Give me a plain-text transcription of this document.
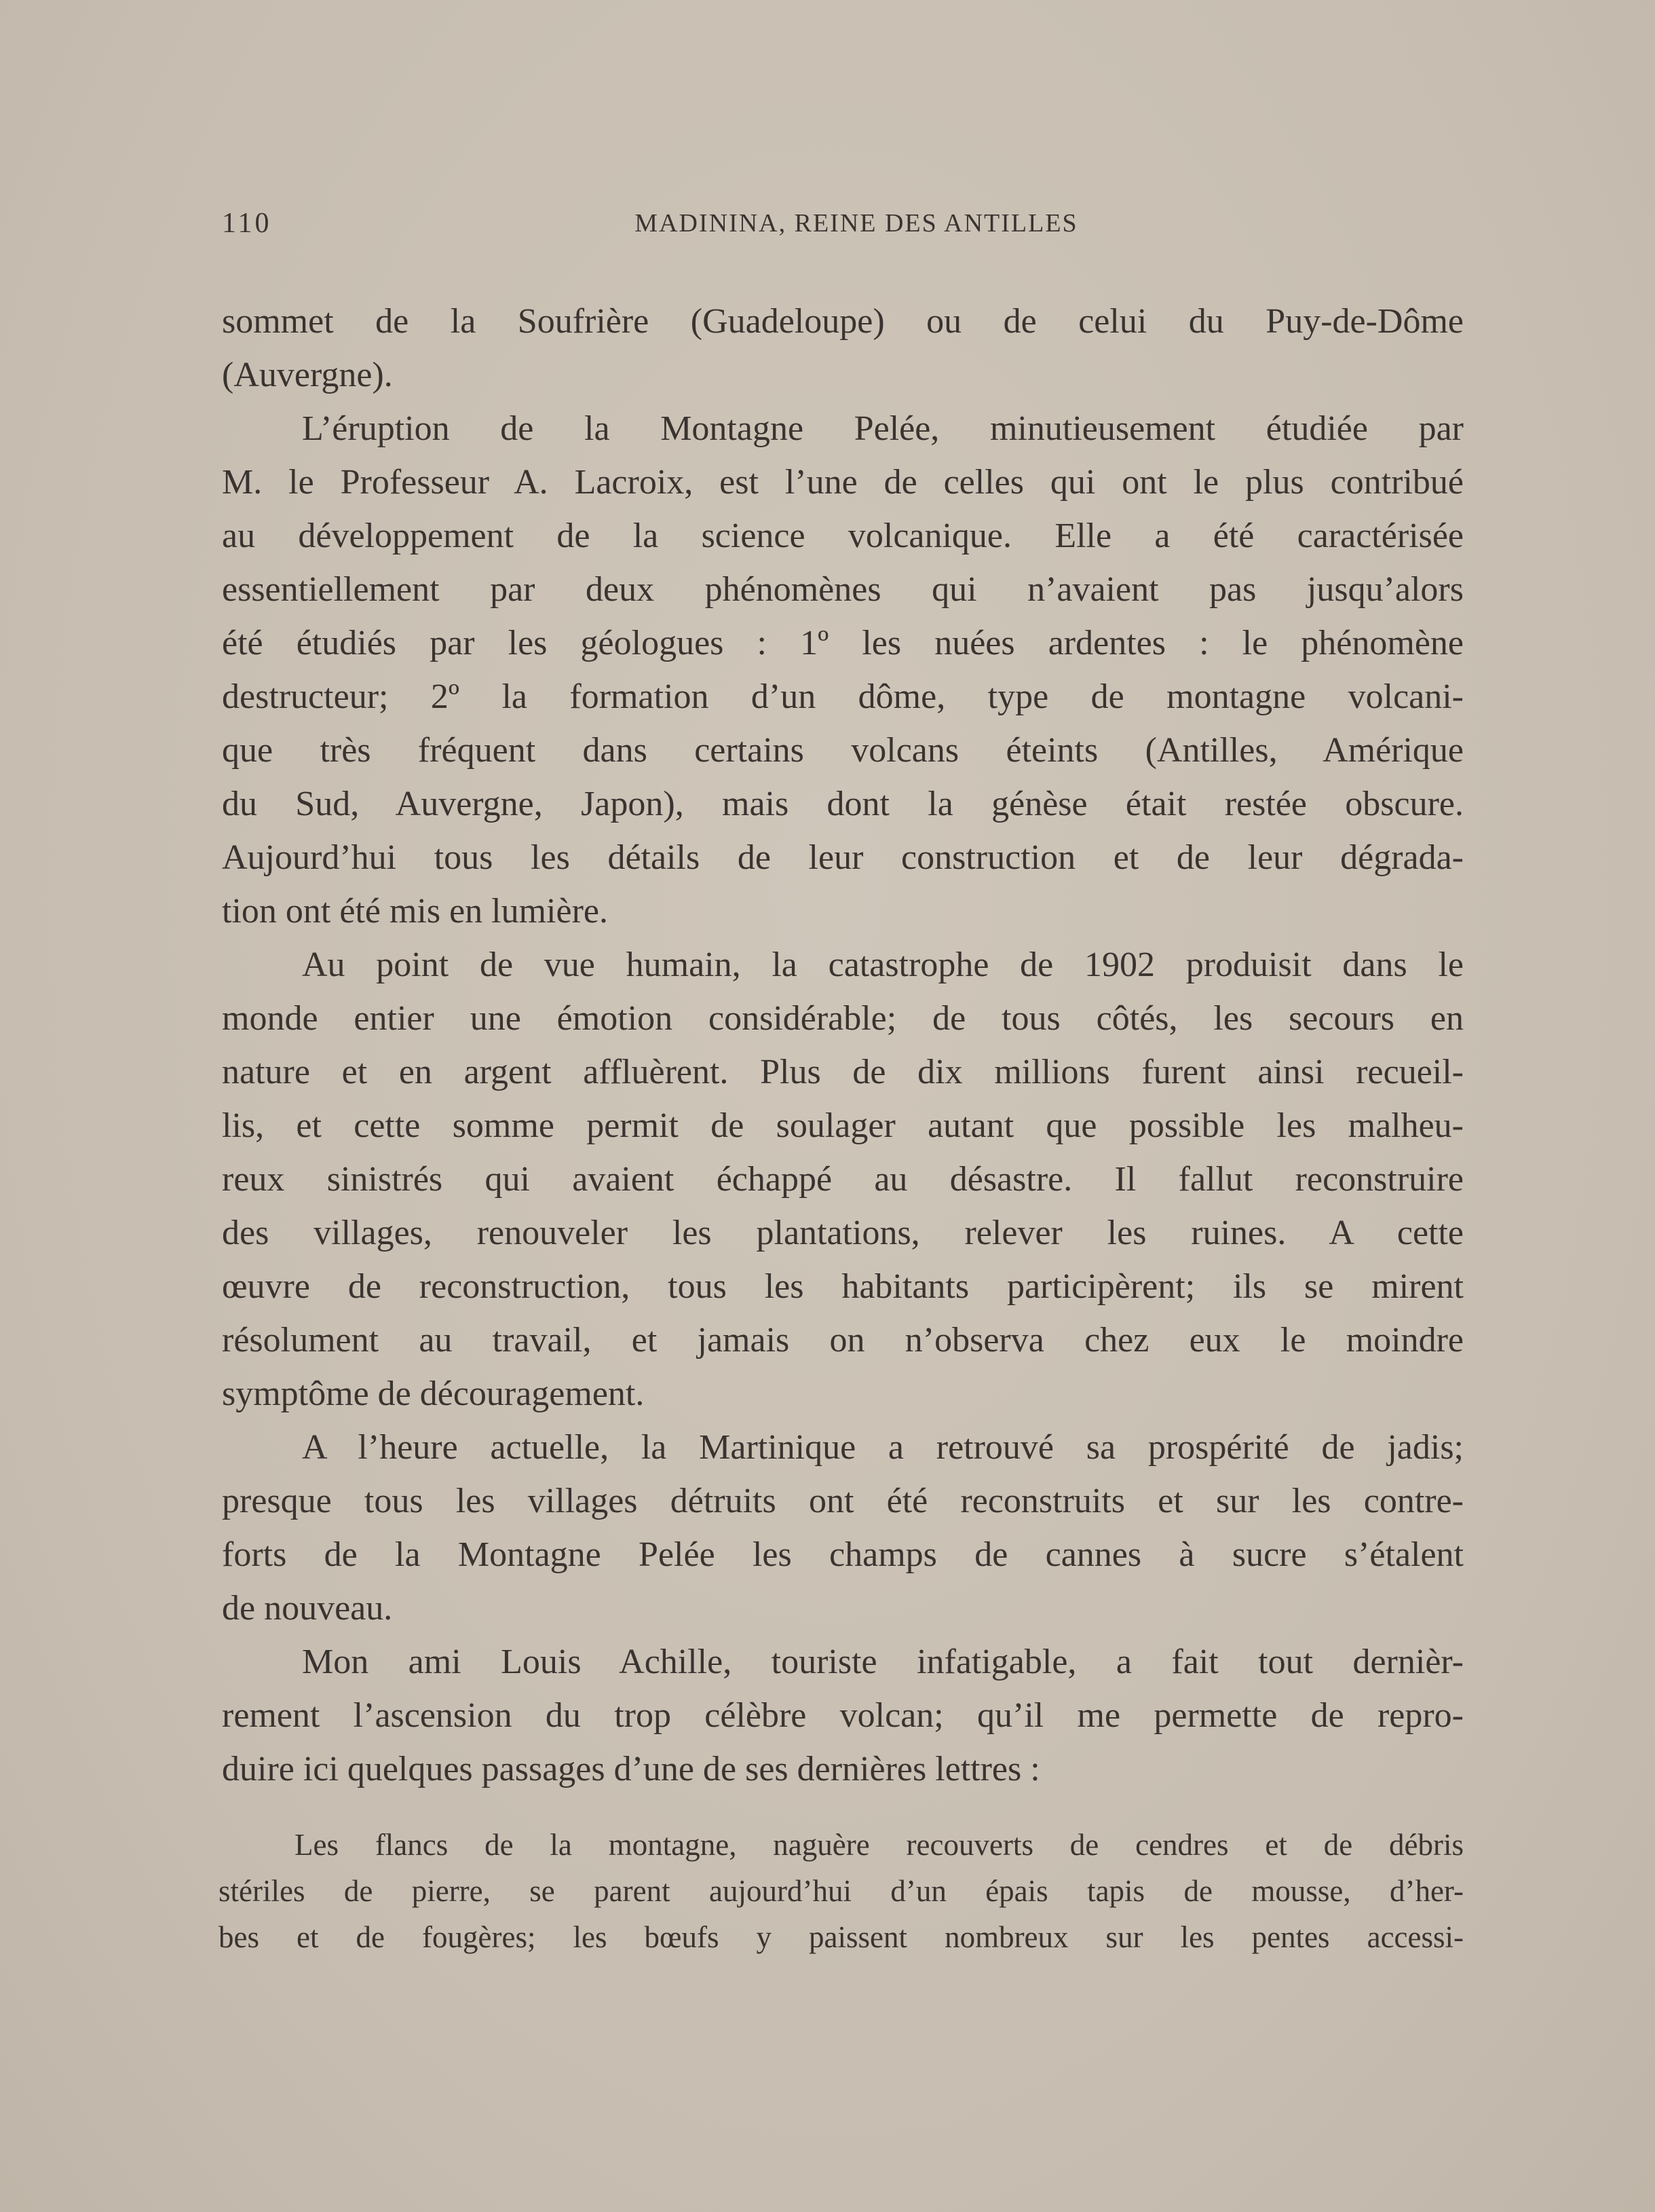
110	MADININA, REINE DES ANTILLES
sommet de la Soufrière (Guadeloupe) ou de celui du Puy-de-Dôme
(Auvergne).
L’éruption de la Montagne Pelée, minutieusement étudiée par
M. le Professeur A. Lacroix, est l’une de celles qui ont le plus contribué
au développement de la science volcanique. Elle a été caractérisée
essentiellement par deux phénomènes qui n’avaient pas jusqu’alors
été étudiés par les géologues : 1º les nuées ardentes : le phénomène
destructeur; 2º la formation d’un dôme, type de montagne volcani-
que très fréquent dans certains volcans éteints (Antilles, Amérique
du Sud, Auvergne, Japon), mais dont la génèse était restée obscure.
Aujourd’hui tous les détails de leur construction et de leur dégrada-
tion ont été mis en lumière.
Au point de vue humain, la catastrophe de 1902 produisit dans le
monde entier une émotion considérable; de tous côtés, les secours en
nature et en argent affluèrent. Plus de dix millions furent ainsi recueil-
lis, et cette somme permit de soulager autant que possible les malheu-
reux sinistrés qui avaient échappé au désastre. Il fallut reconstruire
des villages, renouveler les plantations, relever les ruines. A cette
œuvre de reconstruction, tous les habitants participèrent; ils se mirent
résolument au travail, et jamais on n’observa chez eux le moindre
symptôme de découragement.
A l’heure actuelle, la Martinique a retrouvé sa prospérité de jadis;
presque tous les villages détruits ont été reconstruits et sur les contre-
forts de la Montagne Pelée les champs de cannes à sucre s’étalent
de nouveau.
Mon ami Louis Achille, touriste infatigable, a fait tout dernièr-
rement l’ascension du trop célèbre volcan; qu’il me permette de repro-
duire ici quelques passages d’une de ses dernières lettres :
Les flancs de la montagne, naguère recouverts de cendres et de débris
stériles de pierre, se parent aujourd’hui d’un épais tapis de mousse, d’her-
bes et de fougères; les bœufs y paissent nombreux sur les pentes accessi-
